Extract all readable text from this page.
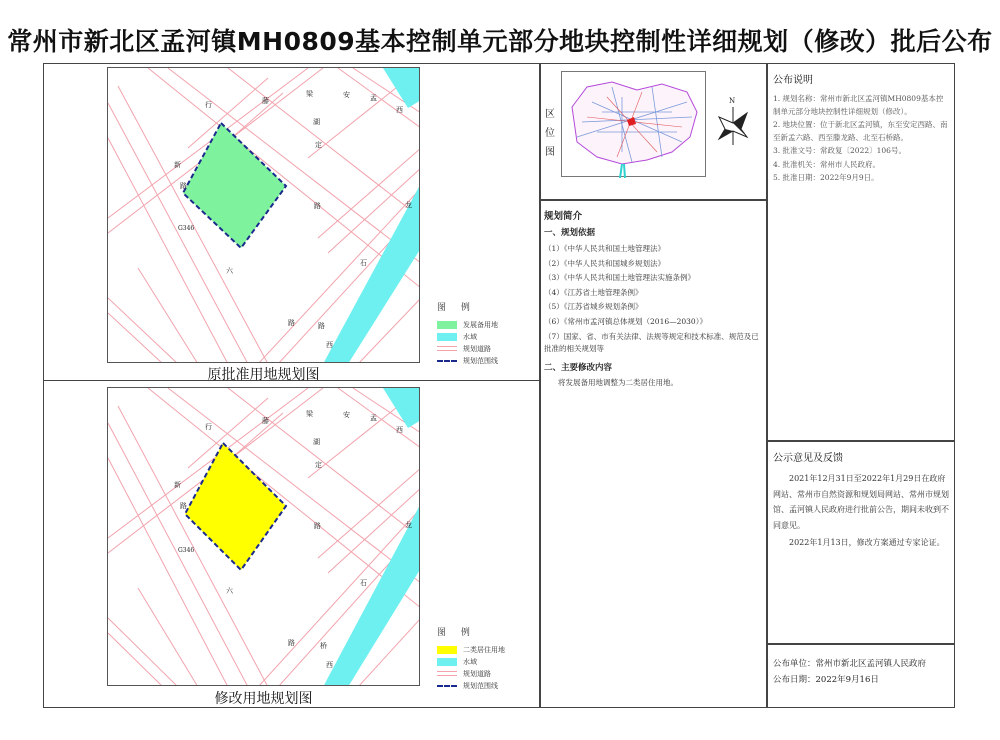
常州市新北区孟河镇MH0809基本控制单元部分地块控制性详细规划（修改）批后公布
行	藤
梁	安	孟
西
湖
新
路
定
路
G346
六
龙
石
路	路
西
原批准用地规划图
图 例
发展备用地
水域
规划道路
规划范围线
行
藤
梁	安	孟
西
湖
新
路
定
路
G346
六
龙
石
路	桥
西
修改用地规划图
图 例
二类居住用地
水域
规划道路
规划范围线
区
位
图
N
规划简介
一、规划依据
（1）《中华人民共和国土地管理法》
（2）《中华人民共和国城乡规划法》
（3）《中华人民共和国土地管理法实施条例》
（4）《江苏省土地管理条例》
（5）《江苏省城乡规划条例》
（6）《常州市孟河镇总体规划（2016—2030）》
（7）国家、省、市有关法律、法规等规定和技术标准、规范及已批准的相关规划等
二、主要修改内容
将发展备用地调整为二类居住用地。
公布说明
1. 规划名称：常州市新北区孟河镇MH0809基本控制单元部分地块控制性详细规划（修改）。
2. 地块位置：位于新北区孟河镇，东至安定西路、南至新孟六路、西至滕龙路、北至石桥路。
3. 批准文号：常政复〔2022〕106号。
4. 批准机关：常州市人民政府。
5. 批准日期：2022年9月9日。
公示意见及反馈
2021年12月31日至2022年1月29日在政府网站、常州市自然资源和规划局网站、常州市规划馆、孟河镇人民政府进行批前公告，期间未收到不同意见。
2022年1月13日，修改方案通过专家论证。
公布单位：常州市新北区孟河镇人民政府
公布日期：2022年9月16日
